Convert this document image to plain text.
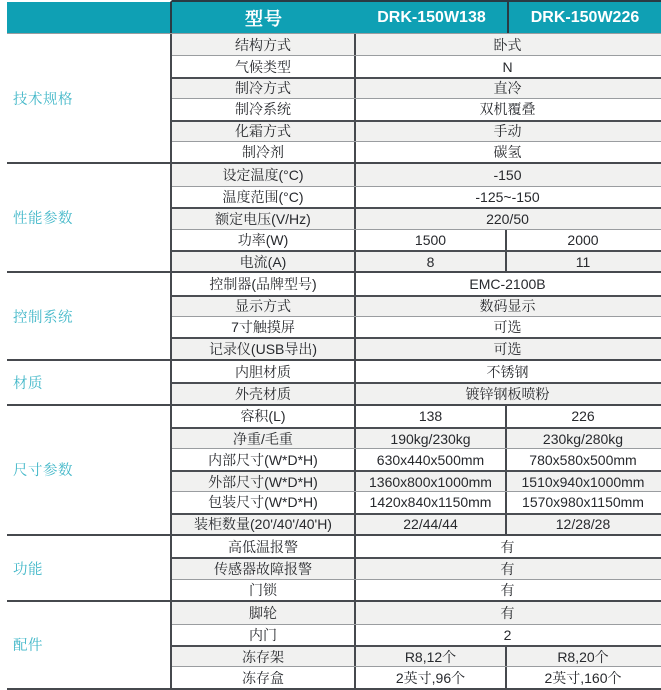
型号	DRK-150W138	DRK-150W226
技术规格
结构方式	卧式
气候类型	N
制冷方式	直冷
制冷系统	双机覆叠
化霜方式	手动
制冷剂	碳氢
性能参数
设定温度(°C)	-150
温度范围(°C)	-125~-150
额定电压(V/Hz)	220/50
功率(W)	1500	2000
电流(A)	8	11
控制系统
控制器(品牌型号)	EMC-2100B
显示方式	数码显示
7寸触摸屏	可选
记录仪(USB导出)	可选
材质
内胆材质	不锈钢
外壳材质	镀锌钢板喷粉
尺寸参数
容积(L)	138	226
净重/毛重	190kg/230kg	230kg/280kg
内部尺寸(W*D*H)	630x440x500mm	780x580x500mm
外部尺寸(W*D*H)	1360x800x1000mm	1510x940x1000mm
包装尺寸(W*D*H)	1420x840x1150mm	1570x980x1150mm
装柜数量(20'/40'/40'H)	22/44/44	12/28/28
功能
高低温报警	有
传感器故障报警	有
门锁	有
配件
脚轮	有
内门	2
冻存架	R8,12个	R8,20个
冻存盒	2英寸,96个	2英寸,160个
